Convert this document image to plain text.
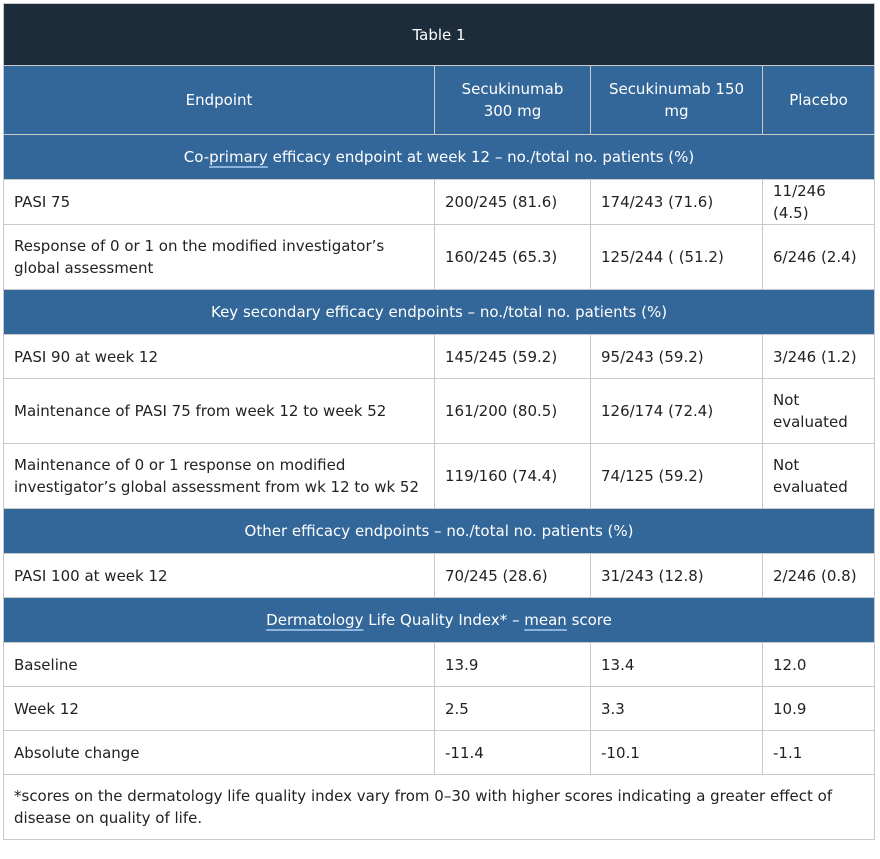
Table 1			
Endpoint	Secukinumab 300 mg	Secukinumab 150 mg	Placebo
Co-primary efficacy endpoint at week 12 – no./total no. patients (%)			
PASI 75	200/245 (81.6)	174/243 (71.6)	11/246 (4.5)
Response of 0 or 1 on the modified investigator’s global assessment	160/245 (65.3)	125/244 ( (51.2)	6/246 (2.4)
Key secondary efficacy endpoints – no./total no. patients (%)			
PASI 90 at week 12	145/245 (59.2)	95/243 (59.2)	3/246 (1.2)
Maintenance of PASI 75 from week 12 to week 52	161/200 (80.5)	126/174 (72.4)	Not evaluated
Maintenance of 0 or 1 response on modified investigator’s global assessment from wk 12 to wk 52	119/160 (74.4)	74/125 (59.2)	Not evaluated
Other efficacy endpoints – no./total no. patients (%)			
PASI 100 at week 12	70/245 (28.6)	31/243 (12.8)	2/246 (0.8)
Dermatology Life Quality Index* – mean score			
Baseline	13.9	13.4	12.0
Week 12	2.5	3.3	10.9
Absolute change	-11.4	-10.1	-1.1
*scores on the dermatology life quality index vary from 0–30 with higher scores indicating a greater effect of disease on quality of life.			
